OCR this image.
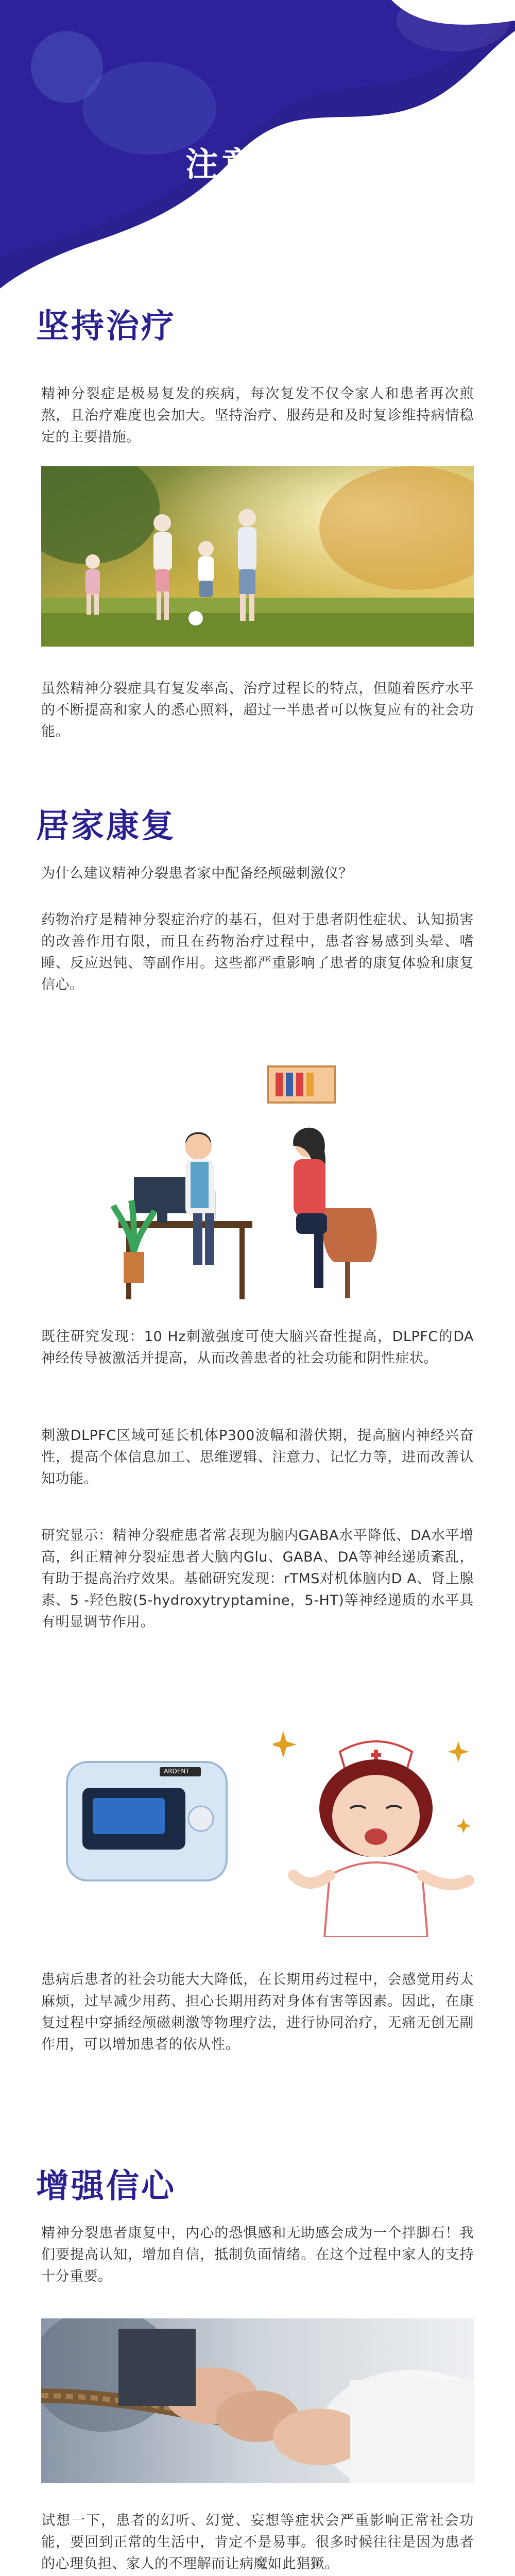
注意事项
坚持治疗
精神分裂症是极易复发的疾病，每次复发不仅令家人和患者再次煎熬，且治疗难度也会加大。坚持治疗、服药是和及时复诊维持病情稳定的主要措施。
虽然精神分裂症具有复发率高、治疗过程长的特点，但随着医疗水平的不断提高和家人的悉心照料，超过一半患者可以恢复应有的社会功能。
居家康复
为什么建议精神分裂患者家中配备经颅磁刺激仪？
药物治疗是精神分裂症治疗的基石，但对于患者阴性症状、认知损害的改善作用有限，而且在药物治疗过程中，患者容易感到头晕、嗜睡、反应迟钝、等副作用。这些都严重影响了患者的康复体验和康复信心。
既往研究发现：10 Hz刺激强度可使大脑兴奋性提高，DLPFC的DA神经传导被激活并提高，从而改善患者的社会功能和阴性症状。
刺激DLPFC区域可延长机体P300波幅和潜伏期，提高脑内神经兴奋性，提高个体信息加工、思维逻辑、注意力、记忆力等，进而改善认知功能。
研究显示：精神分裂症患者常表现为脑内GABA水平降低、DA水平增高，纠正精神分裂症患者大脑内Glu、GABA、DA等神经递质紊乱，有助于提高治疗效果。基础研究发现：rTMS对机体脑内D A、肾上腺素、5 -羟色胺(5-hydroxytryptamine，5-HT)等神经递质的水平具有明显调节作用。
ARDENT
患病后患者的社会功能大大降低，在长期用药过程中，会感觉用药太麻烦，过早减少用药、担心长期用药对身体有害等因素。因此，在康复过程中穿插经颅磁刺激等物理疗法，进行协同治疗，无痛无创无副作用，可以增加患者的依从性。
增强信心
精神分裂患者康复中，内心的恐惧感和无助感会成为一个拌脚石！我们要提高认知，增加自信，抵制负面情绪。在这个过程中家人的支持十分重要。
试想一下，患者的幻听、幻觉、妄想等症状会严重影响正常社会功能，要回到正常的生活中，肯定不是易事。很多时候往往是因为患者的心理负担、家人的不理解而让病魔如此猖獗。
